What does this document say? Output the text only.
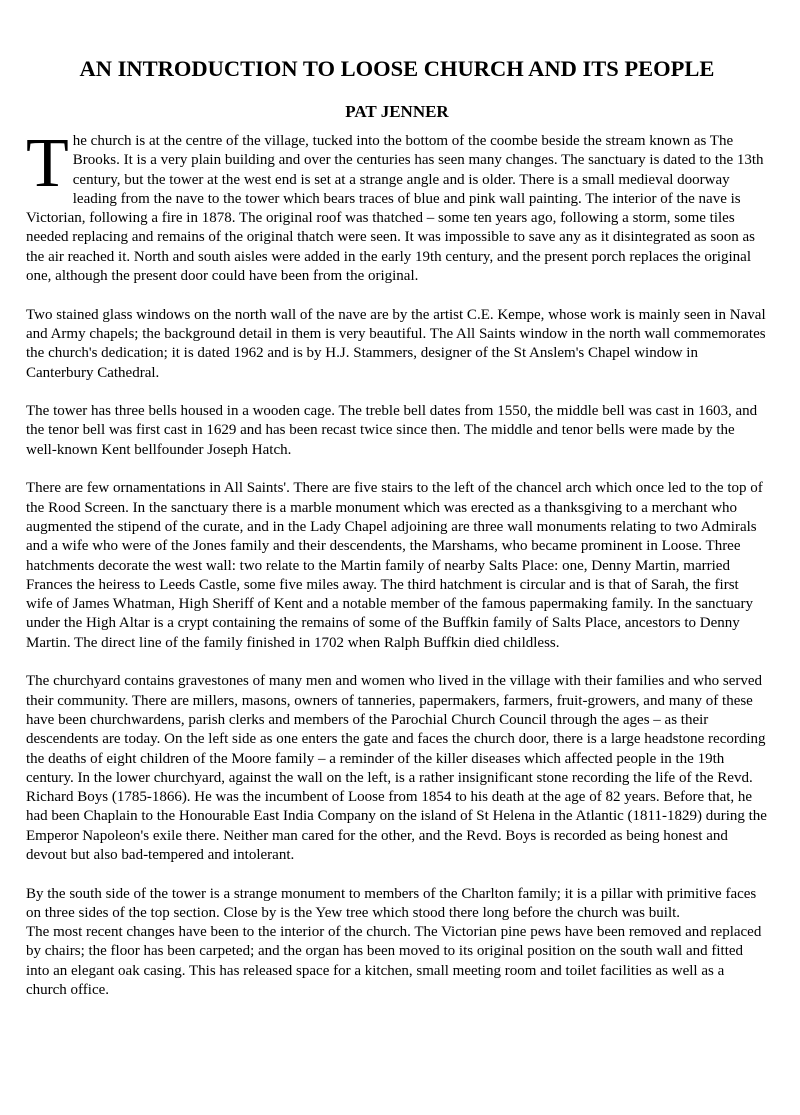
AN INTRODUCTION TO LOOSE CHURCH AND ITS PEOPLE
PAT JENNER

The church is at the centre of the village, tucked into the bottom of the coombe beside the stream known as The Brooks. It is a very plain building and over the centuries has seen many changes. The sanctuary is dated to the 13th century, but the tower at the west end is set at a strange angle and is older. There is a small medieval doorway leading from the nave to the tower which bears traces of blue and pink wall painting. The interior of the nave is Victorian, following a fire in 1878. The original roof was thatched – some ten years ago, following a storm, some tiles needed replacing and remains of the original thatch were seen. It was impossible to save any as it disintegrated as soon as the air reached it. North and south aisles were added in the early 19th century, and the present porch replaces the original one, although the present door could have been from the original.

Two stained glass windows on the north wall of the nave are by the artist C.E. Kempe, whose work is mainly seen in Naval and Army chapels; the background detail in them is very beautiful. The All Saints window in the north wall commemorates the church's dedication; it is dated 1962 and is by H.J. Stammers, designer of the St Anslem's Chapel window in Canterbury Cathedral.

The tower has three bells housed in a wooden cage. The treble bell dates from 1550, the middle bell was cast in 1603, and the tenor bell was first cast in 1629 and has been recast twice since then. The middle and tenor bells were made by the well-known Kent bellfounder Joseph Hatch.

There are few ornamentations in All Saints'. There are five stairs to the left of the chancel arch which once led to the top of the Rood Screen. In the sanctuary there is a marble monument which was erected as a thanksgiving to a merchant who augmented the stipend of the curate, and in the Lady Chapel adjoining are three wall monuments relating to two Admirals and a wife who were of the Jones family and their descendents, the Marshams, who became prominent in Loose. Three hatchments decorate the west wall: two relate to the Martin family of nearby Salts Place: one, Denny Martin, married Frances the heiress to Leeds Castle, some five miles away. The third hatchment is circular and is that of Sarah, the first wife of James Whatman, High Sheriff of Kent and a notable member of the famous papermaking family. In the sanctuary under the High Altar is a crypt containing the remains of some of the Buffkin family of Salts Place, ancestors to Denny Martin. The direct line of the family finished in 1702 when Ralph Buffkin died childless.

The churchyard contains gravestones of many men and women who lived in the village with their families and who served their community. There are millers, masons, owners of tanneries, papermakers, farmers, fruit-growers, and many of these have been churchwardens, parish clerks and members of the Parochial Church Council through the ages – as their descendents are today. On the left side as one enters the gate and faces the church door, there is a large headstone recording the deaths of eight children of the Moore family – a reminder of the killer diseases which affected people in the 19th century. In the lower churchyard, against the wall on the left, is a rather insignificant stone recording the life of the Revd. Richard Boys (1785-1866). He was the incumbent of Loose from 1854 to his death at the age of 82 years. Before that, he had been Chaplain to the Honourable East India Company on the island of St Helena in the Atlantic (1811-1829) during the Emperor Napoleon's exile there. Neither man cared for the other, and the Revd. Boys is recorded as being honest and devout but also bad-tempered and intolerant.

By the south side of the tower is a strange monument to members of the Charlton family; it is a pillar with primitive faces on three sides of the top section. Close by is the Yew tree which stood there long before the church was built.

The most recent changes have been to the interior of the church. The Victorian pine pews have been removed and replaced by chairs; the floor has been carpeted; and the organ has been moved to its original position on the south wall and fitted into an elegant oak casing. This has released space for a kitchen, small meeting room and toilet facilities as well as a church office.
